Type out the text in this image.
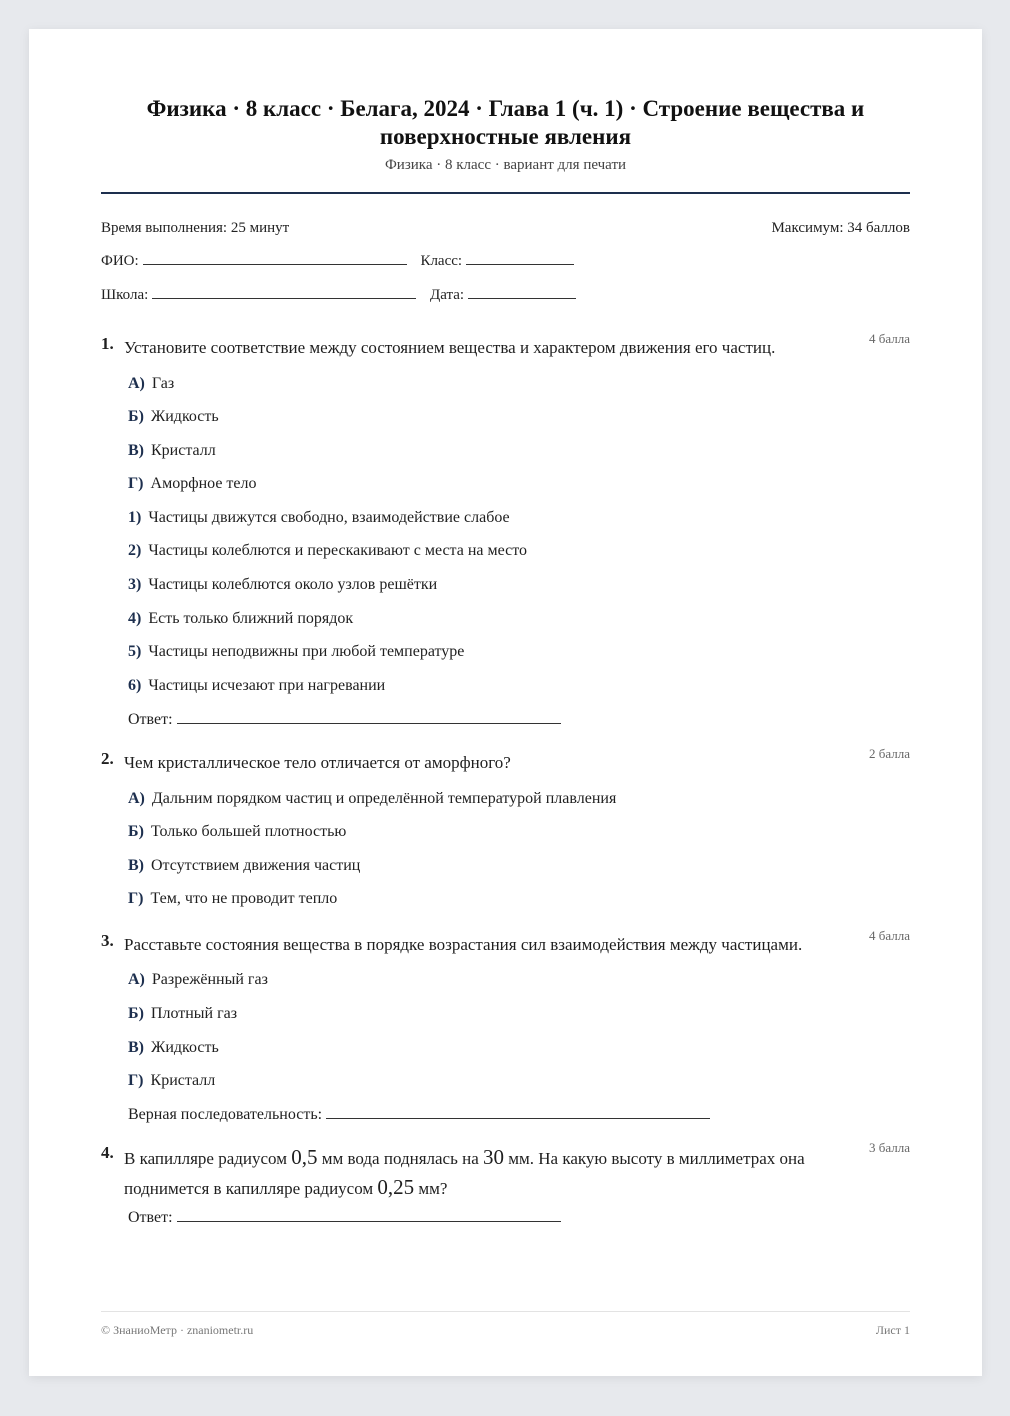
Физика · 8 класс · Белага, 2024 · Глава 1 (ч. 1) · Строение вещества и поверхностные явления
Физика · 8 класс · вариант для печати
Время выполнения: 25 минут	Максимум: 34 баллов
ФИО:	Класс:
Школа:	Дата:
1. Установите соответствие между состоянием вещества и характером движения его частиц.	4 балла
А) Газ
Б) Жидкость
В) Кристалл
Г) Аморфное тело
1) Частицы движутся свободно, взаимодействие слабое
2) Частицы колеблются и перескакивают с места на место
3) Частицы колеблются около узлов решётки
4) Есть только ближний порядок
5) Частицы неподвижны при любой температуре
6) Частицы исчезают при нагревании
Ответ:
2. Чем кристаллическое тело отличается от аморфного?	2 балла
А) Дальним порядком частиц и определённой температурой плавления
Б) Только большей плотностью
В) Отсутствием движения частиц
Г) Тем, что не проводит тепло
3. Расставьте состояния вещества в порядке возрастания сил взаимодействия между частицами.	4 балла
А) Разрежённый газ
Б) Плотный газ
В) Жидкость
Г) Кристалл
Верная последовательность:
4. В капилляре радиусом 0,5 мм вода поднялась на 30 мм. На какую высоту в миллиметрах она поднимется в капилляре радиусом 0,25 мм?
3 балла
Ответ:
© ЗнаниоМетр · znaniometr.ru	Лист 1
